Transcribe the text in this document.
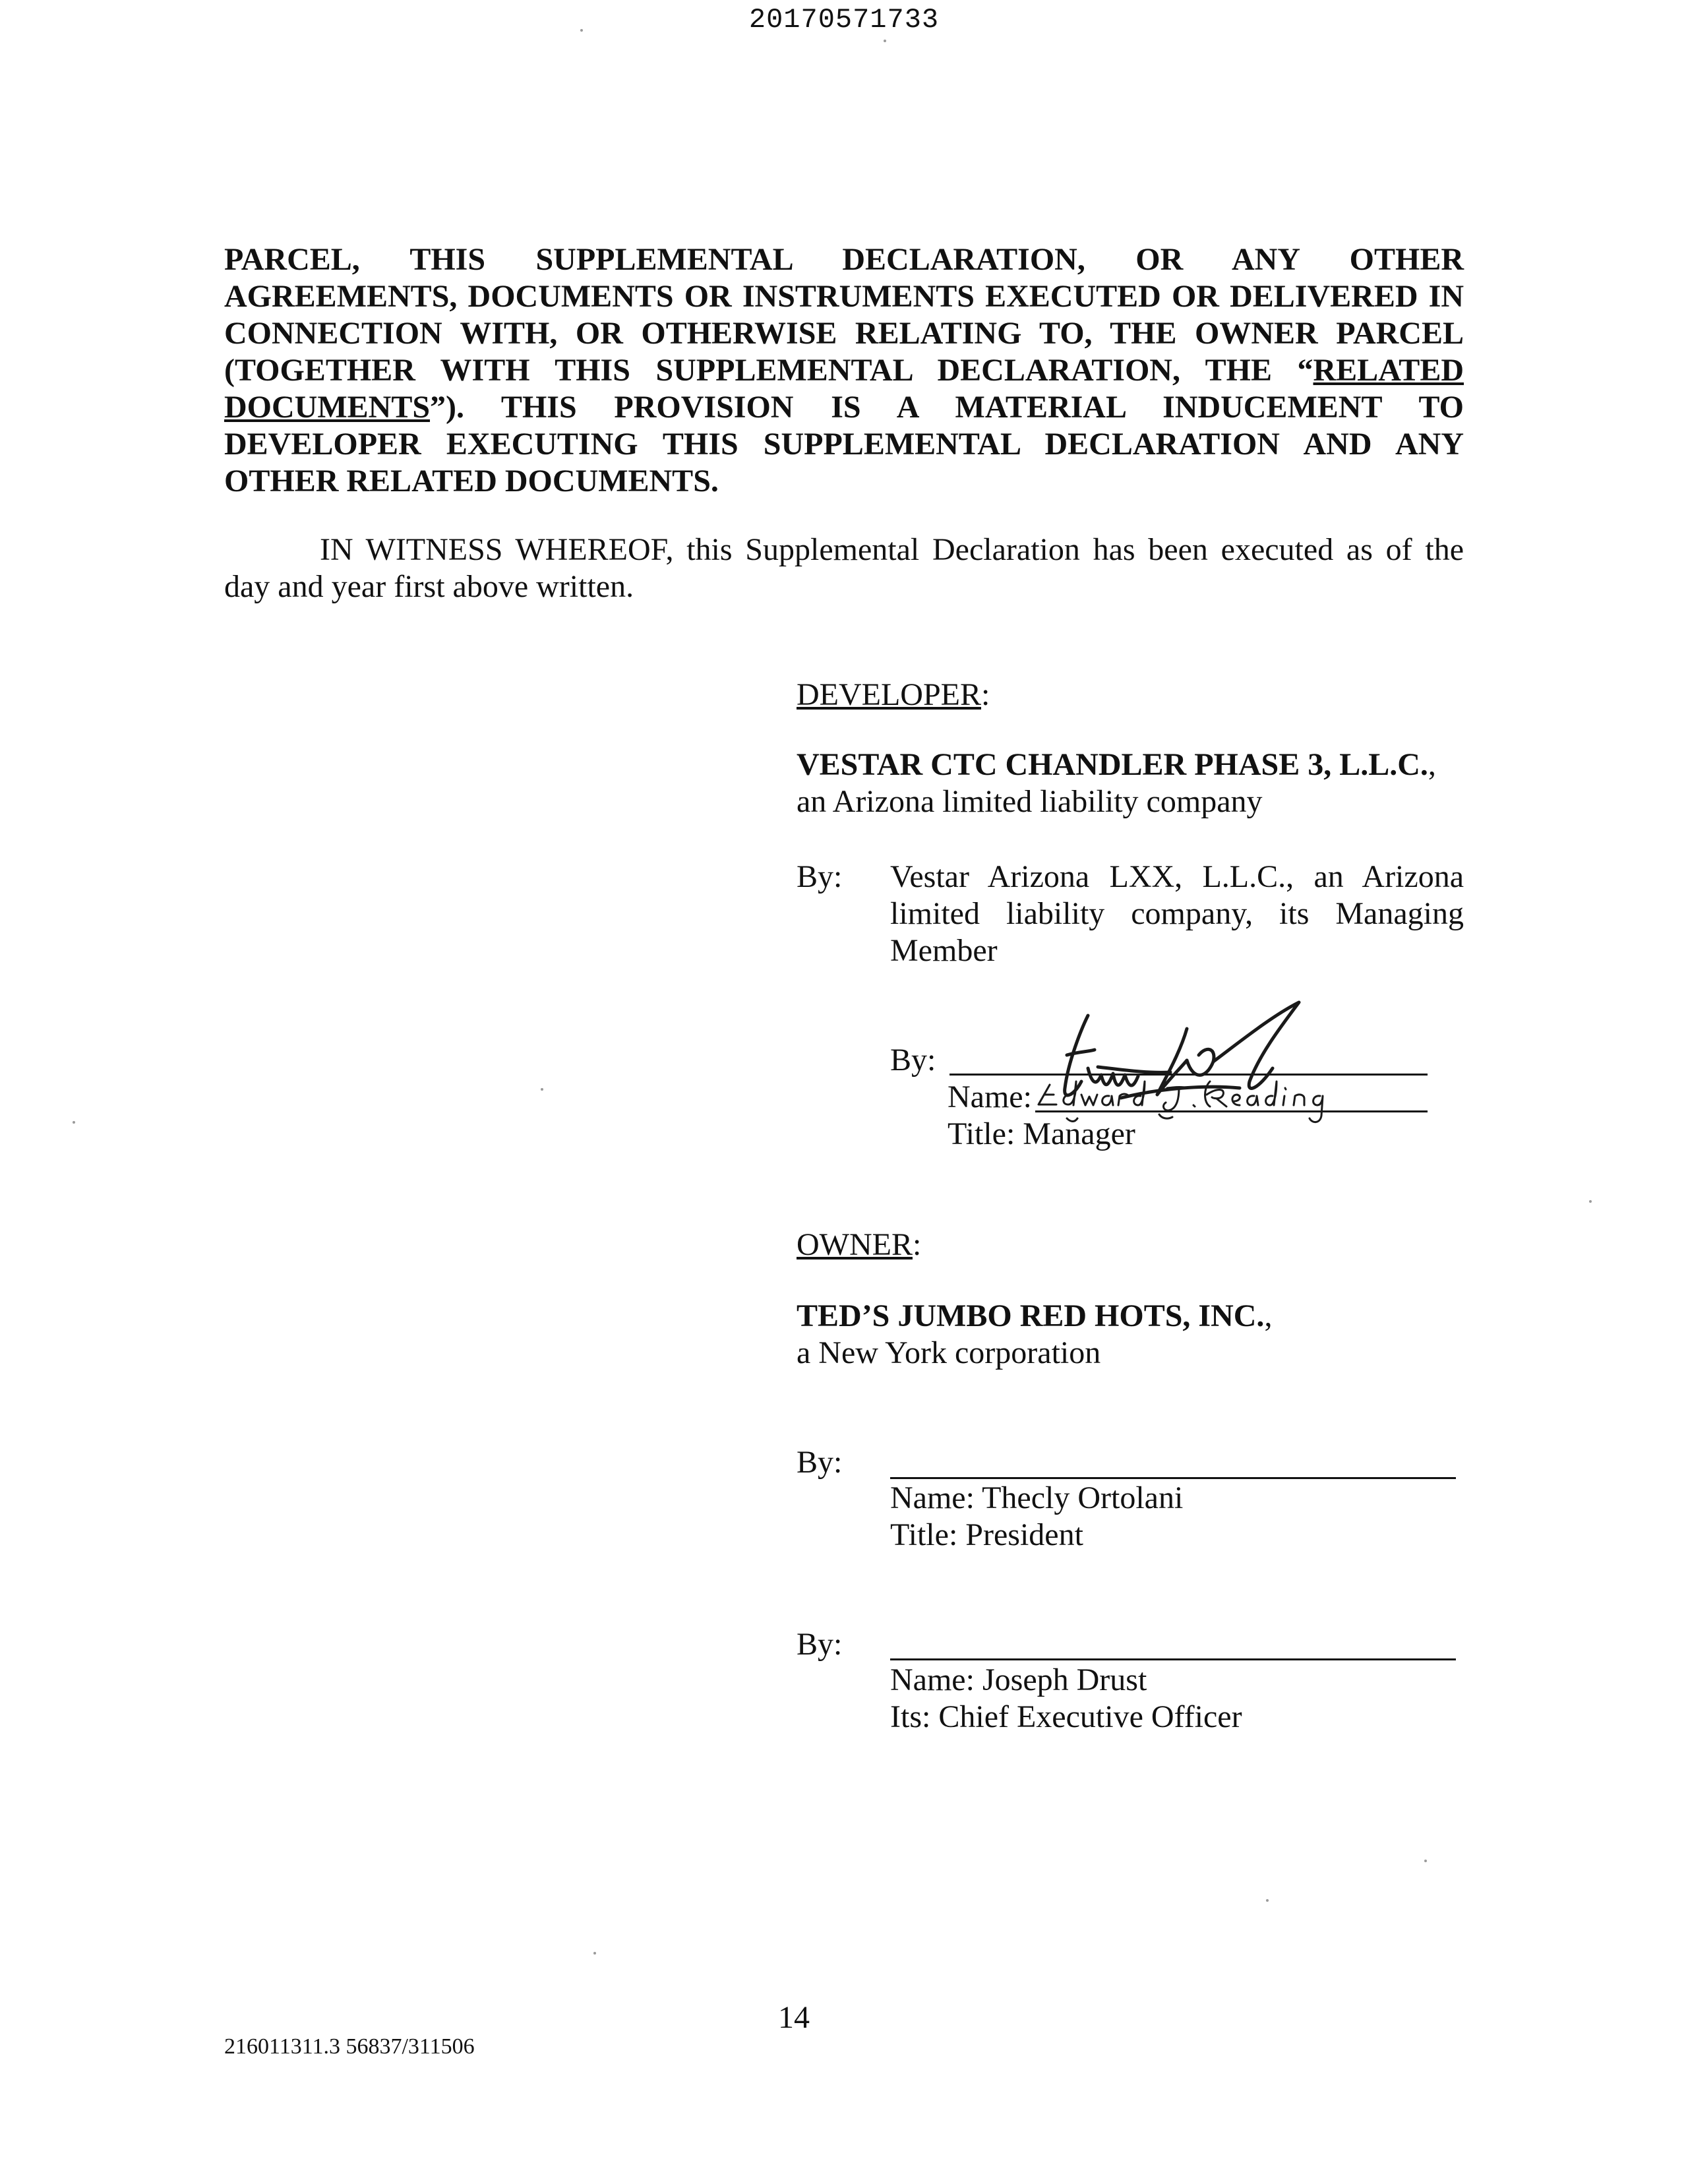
20170571733
PARCEL, THIS SUPPLEMENTAL DECLARATION, OR ANY OTHER
AGREEMENTS, DOCUMENTS OR INSTRUMENTS EXECUTED OR DELIVERED IN
CONNECTION WITH, OR OTHERWISE RELATING TO, THE OWNER PARCEL
(TOGETHER WITH THIS SUPPLEMENTAL DECLARATION, THE “RELATED
DOCUMENTS”). THIS PROVISION IS A MATERIAL INDUCEMENT TO
DEVELOPER EXECUTING THIS SUPPLEMENTAL DECLARATION AND ANY
OTHER RELATED DOCUMENTS.
IN WITNESS WHEREOF, this Supplemental Declaration has been executed as of the
day and year first above written.
DEVELOPER:
VESTAR CTC CHANDLER PHASE 3, L.L.C.,
an Arizona limited liability company
By: Vestar Arizona LXX, L.L.C., an Arizona
limited liability company, its Managing
Member
By:
Name:
Title: Manager
OWNER:
TED’S JUMBO RED HOTS, INC.,
a New York corporation
By:
Name: Thecly Ortolani
Title: President
By:
Name: Joseph Drust
Its: Chief Executive Officer
14
216011311.3 56837/311506
